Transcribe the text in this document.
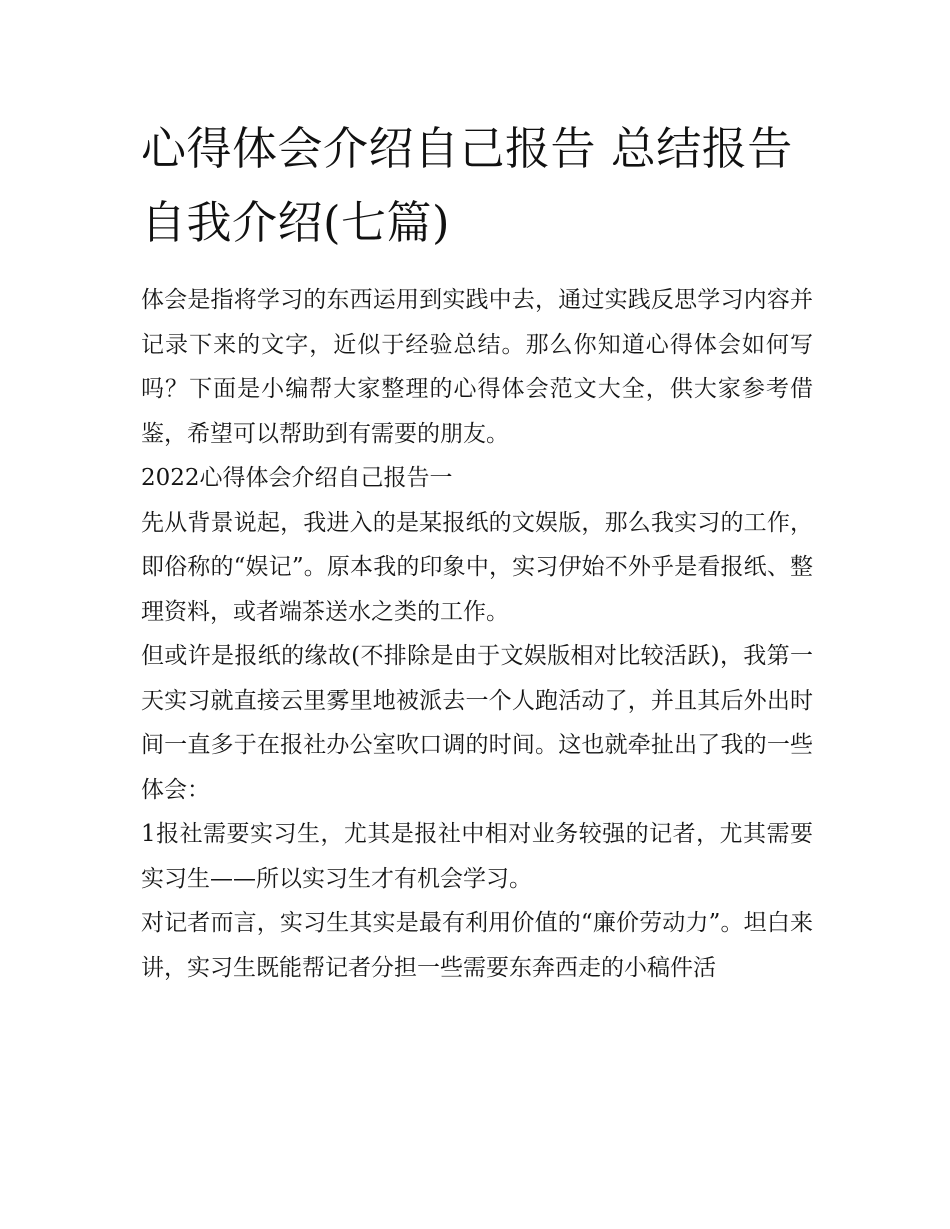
心得体会介绍自己报告 总结报告自我介绍(七篇)

体会是指将学习的东西运用到实践中去，通过实践反思学习内容并记录下来的文字，近似于经验总结。那么你知道心得体会如何写吗？下面是小编帮大家整理的心得体会范文大全，供大家参考借鉴，希望可以帮助到有需要的朋友。

2022心得体会介绍自己报告一

先从背景说起，我进入的是某报纸的文娱版，那么我实习的工作，即俗称的“娱记”。原本我的印象中，实习伊始不外乎是看报纸、整理资料，或者端茶送水之类的工作。

但或许是报纸的缘故(不排除是由于文娱版相对比较活跃)，我第一天实习就直接云里雾里地被派去一个人跑活动了，并且其后外出时间一直多于在报社办公室吹口调的时间。这也就牵扯出了我的一些体会：

1报社需要实习生，尤其是报社中相对业务较强的记者，尤其需要实习生——所以实习生才有机会学习。

对记者而言，实习生其实是最有利用价值的“廉价劳动力”。坦白来讲，实习生既能帮记者分担一些需要东奔西走的小稿件活
